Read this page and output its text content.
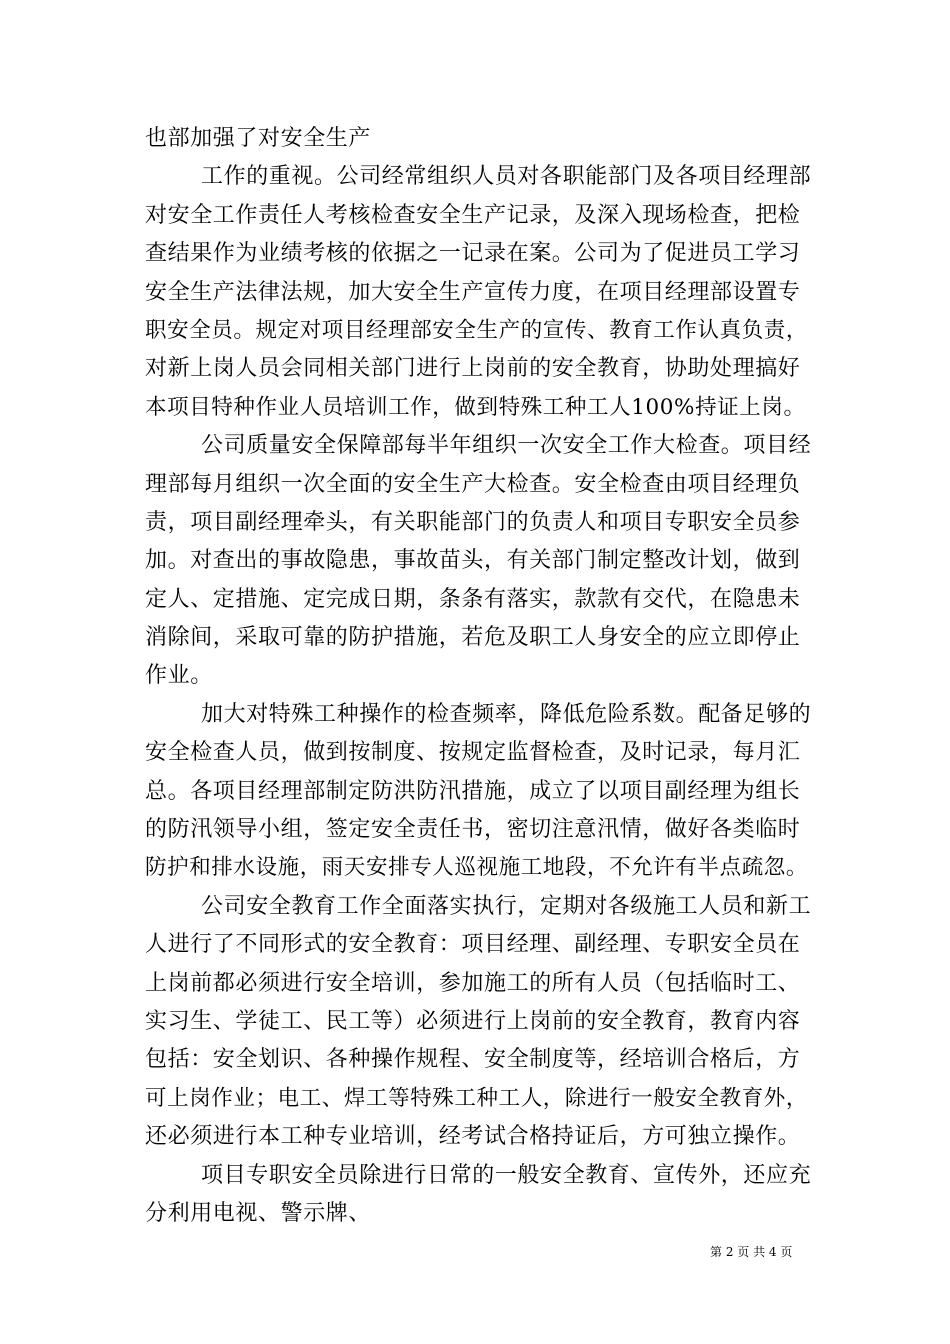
也部加强了对安全生产
工作的重视。公司经常组织人员对各职能部门及各项目经理部
对安全工作责任人考核检查安全生产记录，及深入现场检查，把检
查结果作为业绩考核的依据之一记录在案。公司为了促进员工学习
安全生产法律法规，加大安全生产宣传力度，在项目经理部设置专
职安全员。规定对项目经理部安全生产的宣传、教育工作认真负责，
对新上岗人员会同相关部门进行上岗前的安全教育，协助处理搞好
本项目特种作业人员培训工作，做到特殊工种工人100%持证上岗。
公司质量安全保障部每半年组织一次安全工作大检查。项目经
理部每月组织一次全面的安全生产大检查。安全检查由项目经理负
责，项目副经理牵头，有关职能部门的负责人和项目专职安全员参
加。对查出的事故隐患，事故苗头，有关部门制定整改计划，做到
定人、定措施、定完成日期，条条有落实，款款有交代，在隐患未
消除间，采取可靠的防护措施，若危及职工人身安全的应立即停止
作业。
加大对特殊工种操作的检查频率，降低危险系数。配备足够的
安全检查人员，做到按制度、按规定监督检查，及时记录，每月汇
总。各项目经理部制定防洪防汛措施，成立了以项目副经理为组长
的防汛领导小组，签定安全责任书，密切注意汛情，做好各类临时
防护和排水设施，雨天安排专人巡视施工地段，不允许有半点疏忽。
公司安全教育工作全面落实执行，定期对各级施工人员和新工
人进行了不同形式的安全教育：项目经理、副经理、专职安全员在
上岗前都必须进行安全培训，参加施工的所有人员（包括临时工、
实习生、学徒工、民工等）必须进行上岗前的安全教育，教育内容
包括：安全划识、各种操作规程、安全制度等，经培训合格后，方
可上岗作业；电工、焊工等特殊工种工人，除进行一般安全教育外，
还必须进行本工种专业培训，经考试合格持证后，方可独立操作。
项目专职安全员除进行日常的一般安全教育、宣传外，还应充
分利用电视、警示牌、
第 2 页 共 4 页
